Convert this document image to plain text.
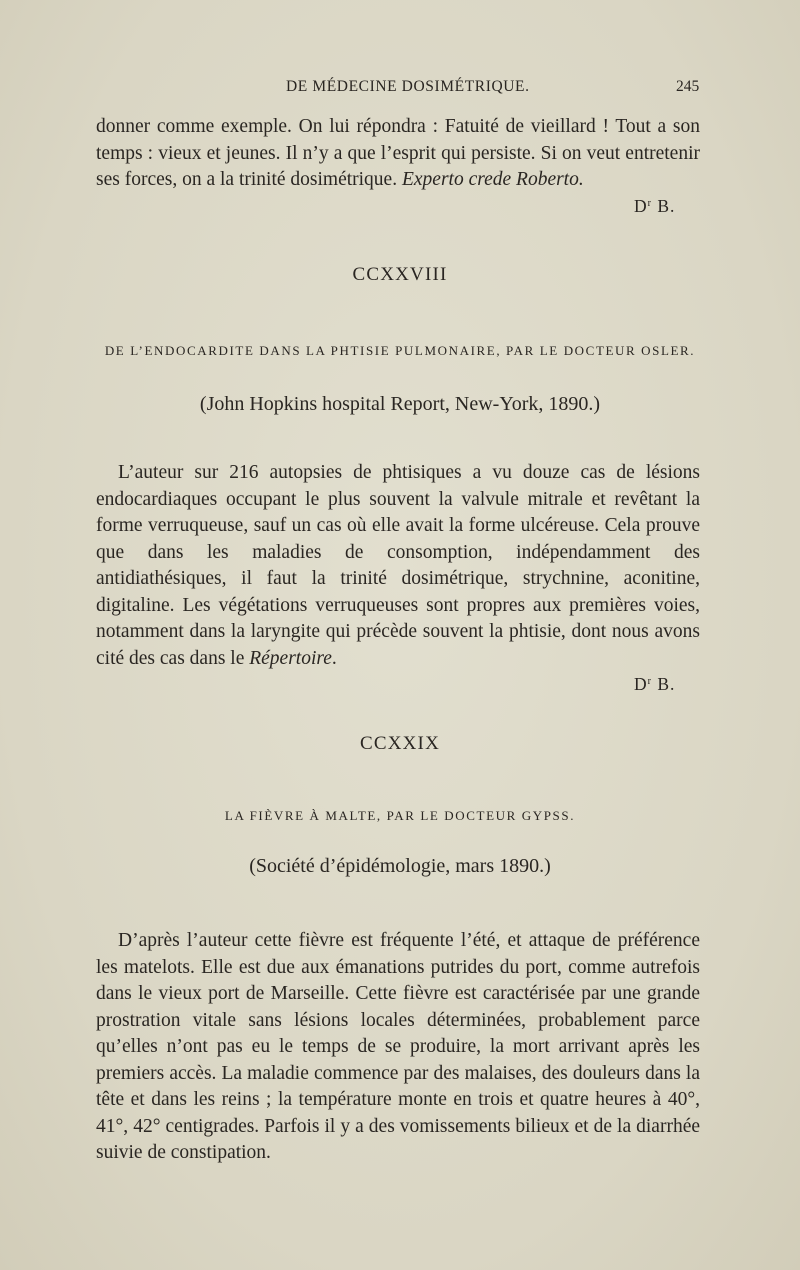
DE MÉDECINE DOSIMÉTRIQUE.	245

donner comme exemple. On lui répondra : Fatuité de vieillard ! Tout a son temps : vieux et jeunes. Il n’y a que l’esprit qui persiste. Si on veut entretenir ses forces, on a la trinité dosimétrique. Experto crede Roberto.

$D^r$ B.
CCXXVIII
DE L’ENDOCARDITE DANS LA PHTISIE PULMONAIRE, PAR LE DOCTEUR OSLER.
(John Hopkins hospital Report, New-York, 1890.)

L’auteur sur 216 autopsies de phtisiques a vu douze cas de lésions endocardiaques occupant le plus souvent la valvule mitrale et revêtant la forme verruqueuse, sauf un cas où elle avait la forme ulcéreuse. Cela prouve que dans les maladies de consomption, indépendamment des antidiathésiques, il faut la trinité dosimétrique, strychnine, aconitine, digitaline. Les végétations verruqueuses sont propres aux premières voies, notamment dans la laryngite qui précède souvent la phtisie, dont nous avons cité des cas dans le Répertoire.

$D^r$ B.
CCXXIX
LA FIÈVRE À MALTE, PAR LE DOCTEUR GYPSS.
(Société d’épidémologie, mars 1890.)

D’après l’auteur cette fièvre est fréquente l’été, et attaque de préférence les matelots. Elle est due aux émanations putrides du port, comme autrefois dans le vieux port de Marseille. Cette fièvre est caractérisée par une grande prostration vitale sans lésions locales déterminées, probablement parce qu’elles n’ont pas eu le temps de se produire, la mort arrivant après les premiers accès. La maladie commence par des malaises, des douleurs dans la tête et dans les reins ; la température monte en trois et quatre heures à 40°, 41°, 42° centigrades. Parfois il y a des vomissements bilieux et de la diarrhée suivie de constipation.
